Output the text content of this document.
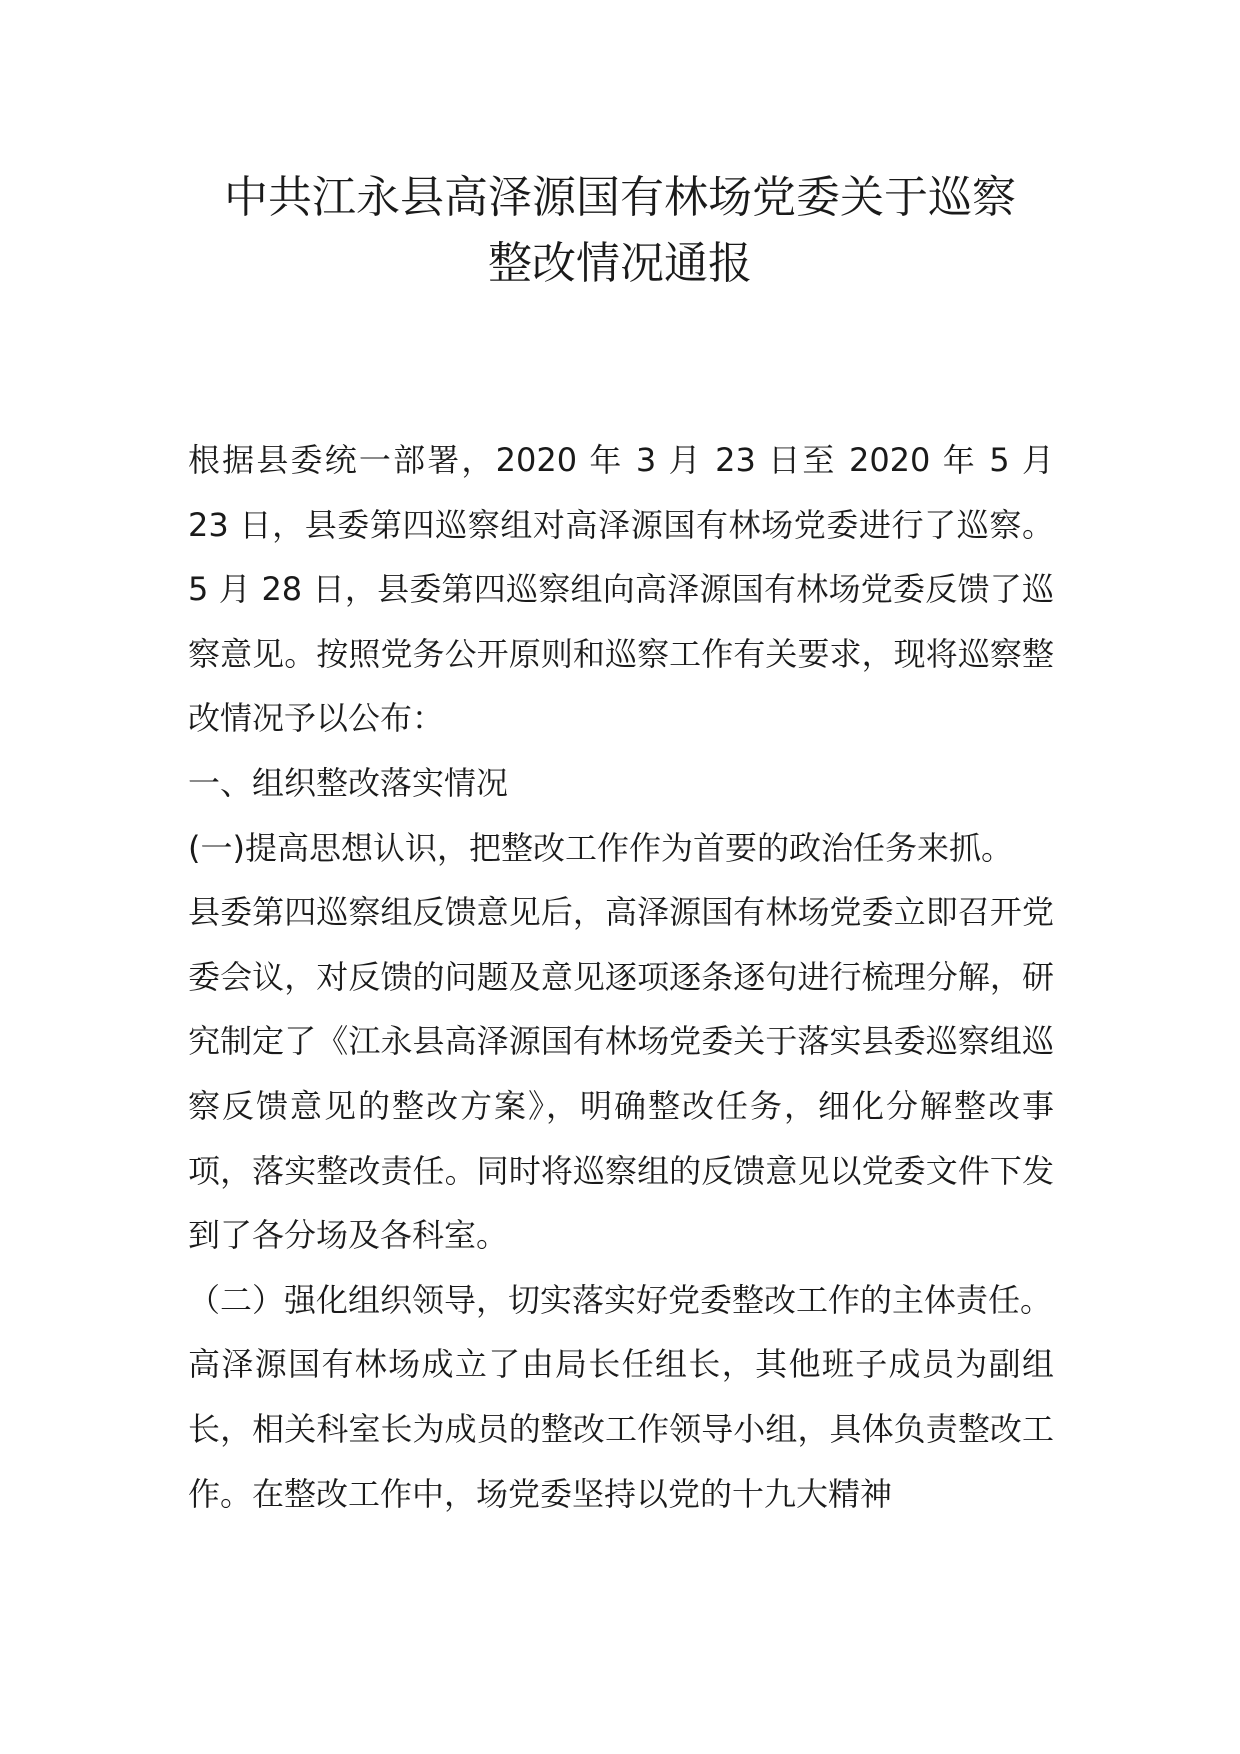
中共江永县高泽源国有林场党委关于巡察
整改情况通报

根据县委统一部署，2020 年 3 月 23 日至 2020 年 5 月 23 日，县委第四巡察组对高泽源国有林场党委进行了巡察。5 月 28 日，县委第四巡察组向高泽源国有林场党委反馈了巡察意见。按照党务公开原则和巡察工作有关要求，现将巡察整改情况予以公布：

一、组织整改落实情况

(一)提高思想认识，把整改工作作为首要的政治任务来抓。

县委第四巡察组反馈意见后，高泽源国有林场党委立即召开党委会议，对反馈的问题及意见逐项逐条逐句进行梳理分解，研究制定了《江永县高泽源国有林场党委关于落实县委巡察组巡察反馈意见的整改方案》，明确整改任务，细化分解整改事项，落实整改责任。同时将巡察组的反馈意见以党委文件下发到了各分场及各科室。

（二）强化组织领导，切实落实好党委整改工作的主体责任。

高泽源国有林场成立了由局长任组长，其他班子成员为副组长，相关科室长为成员的整改工作领导小组，具体负责整改工作。在整改工作中，场党委坚持以党的十九大精神
